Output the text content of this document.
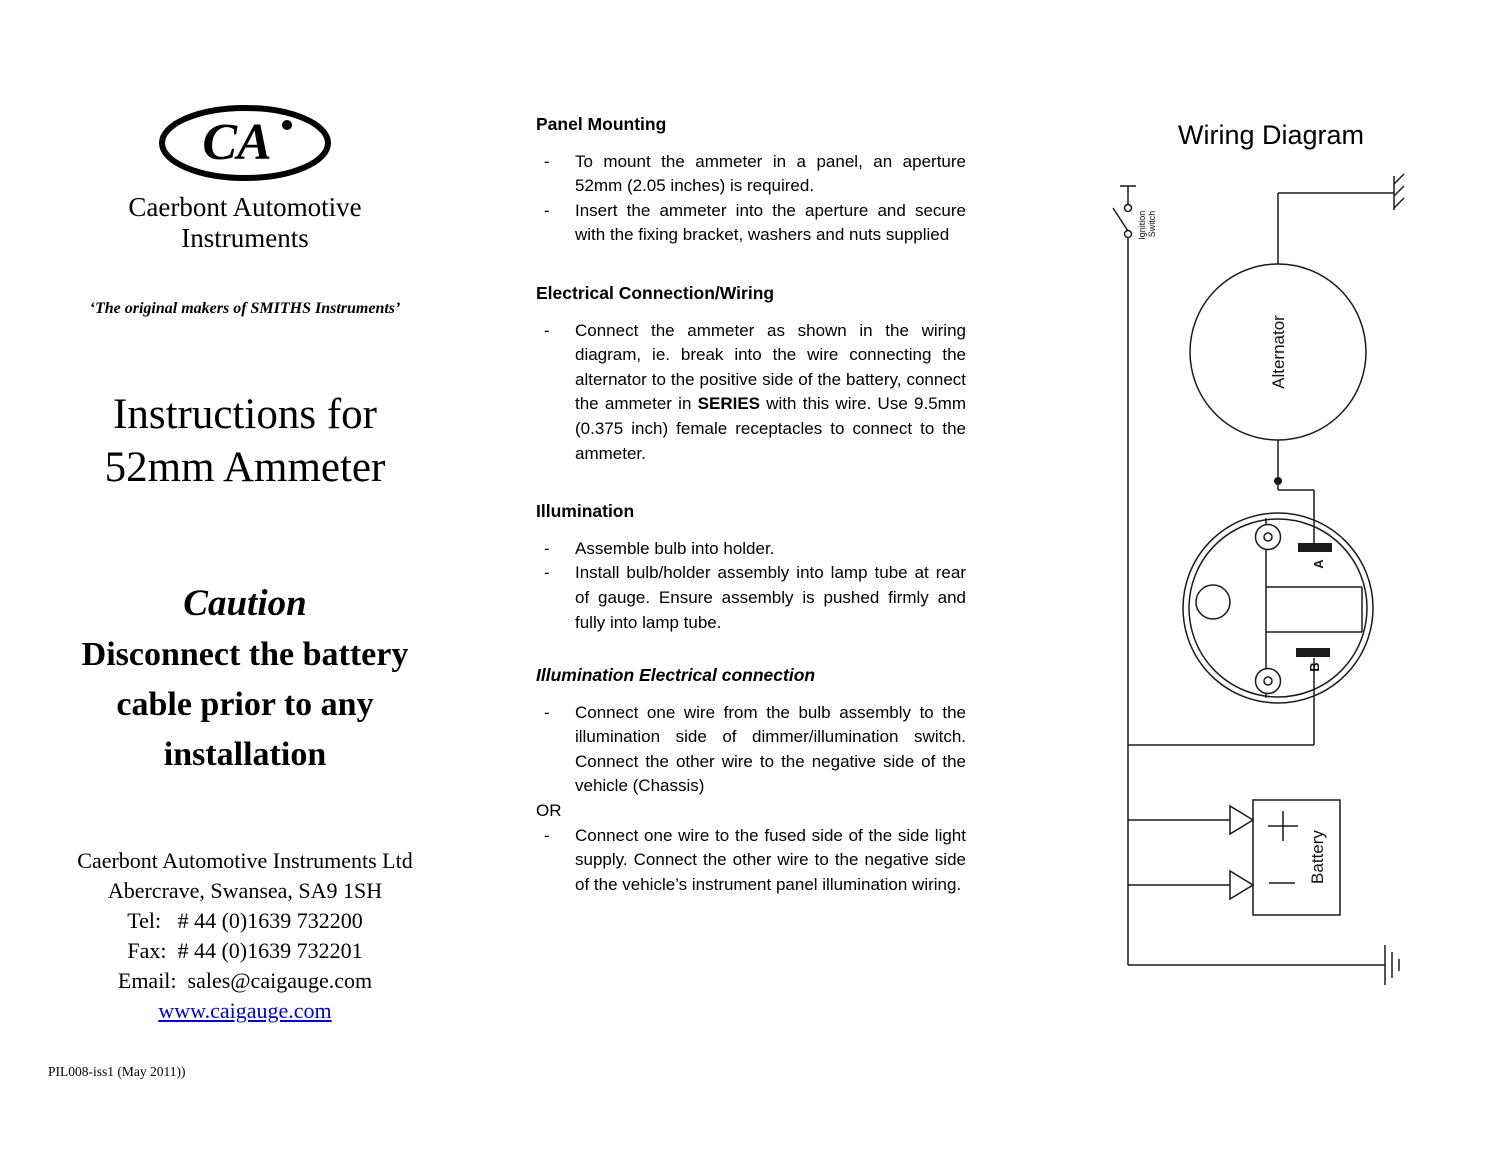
CA
Caerbont Automotive
Instruments
‘The original makers of SMITHS Instruments’
Instructions for
52mm Ammeter
Caution
Disconnect the battery
cable prior to any
installation
Caerbont Automotive Instruments Ltd
Abercrave, Swansea, SA9 1SH
Tel:   # 44 (0)1639 732200
Fax:  # 44 (0)1639 732201
Email:  sales@caigauge.com
www.caigauge.com
PIL008-iss1 (May 2011))
Panel Mounting
-	To mount the ammeter in a panel, an aperture 52mm (2.05 inches) is required.

-	Insert the ammeter into the aperture and secure with the fixing bracket, washers and nuts supplied

Electrical Connection/Wiring
-	Connect the ammeter as shown in the wiring diagram, ie. break into the wire connecting the alternator to the positive side of the battery, connect the ammeter in SERIES with this wire. Use 9.5mm (0.375 inch) female receptacles to connect to the ammeter.

Illumination
-	Assemble bulb into holder.

-	Install bulb/holder assembly into lamp tube at rear of gauge. Ensure assembly is pushed firmly and fully into lamp tube.

Illumination Electrical connection
-	Connect one wire from the bulb assembly to the illumination side of dimmer/illumination switch. Connect the other wire to the negative side of the vehicle (Chassis)

OR

-	Connect one wire to the fused side of the side light supply. Connect the other wire to the negative side of the vehicle’s instrument panel illumination wiring.

Wiring Diagram
Ignition Switch
Alternator
A
B
Battery
